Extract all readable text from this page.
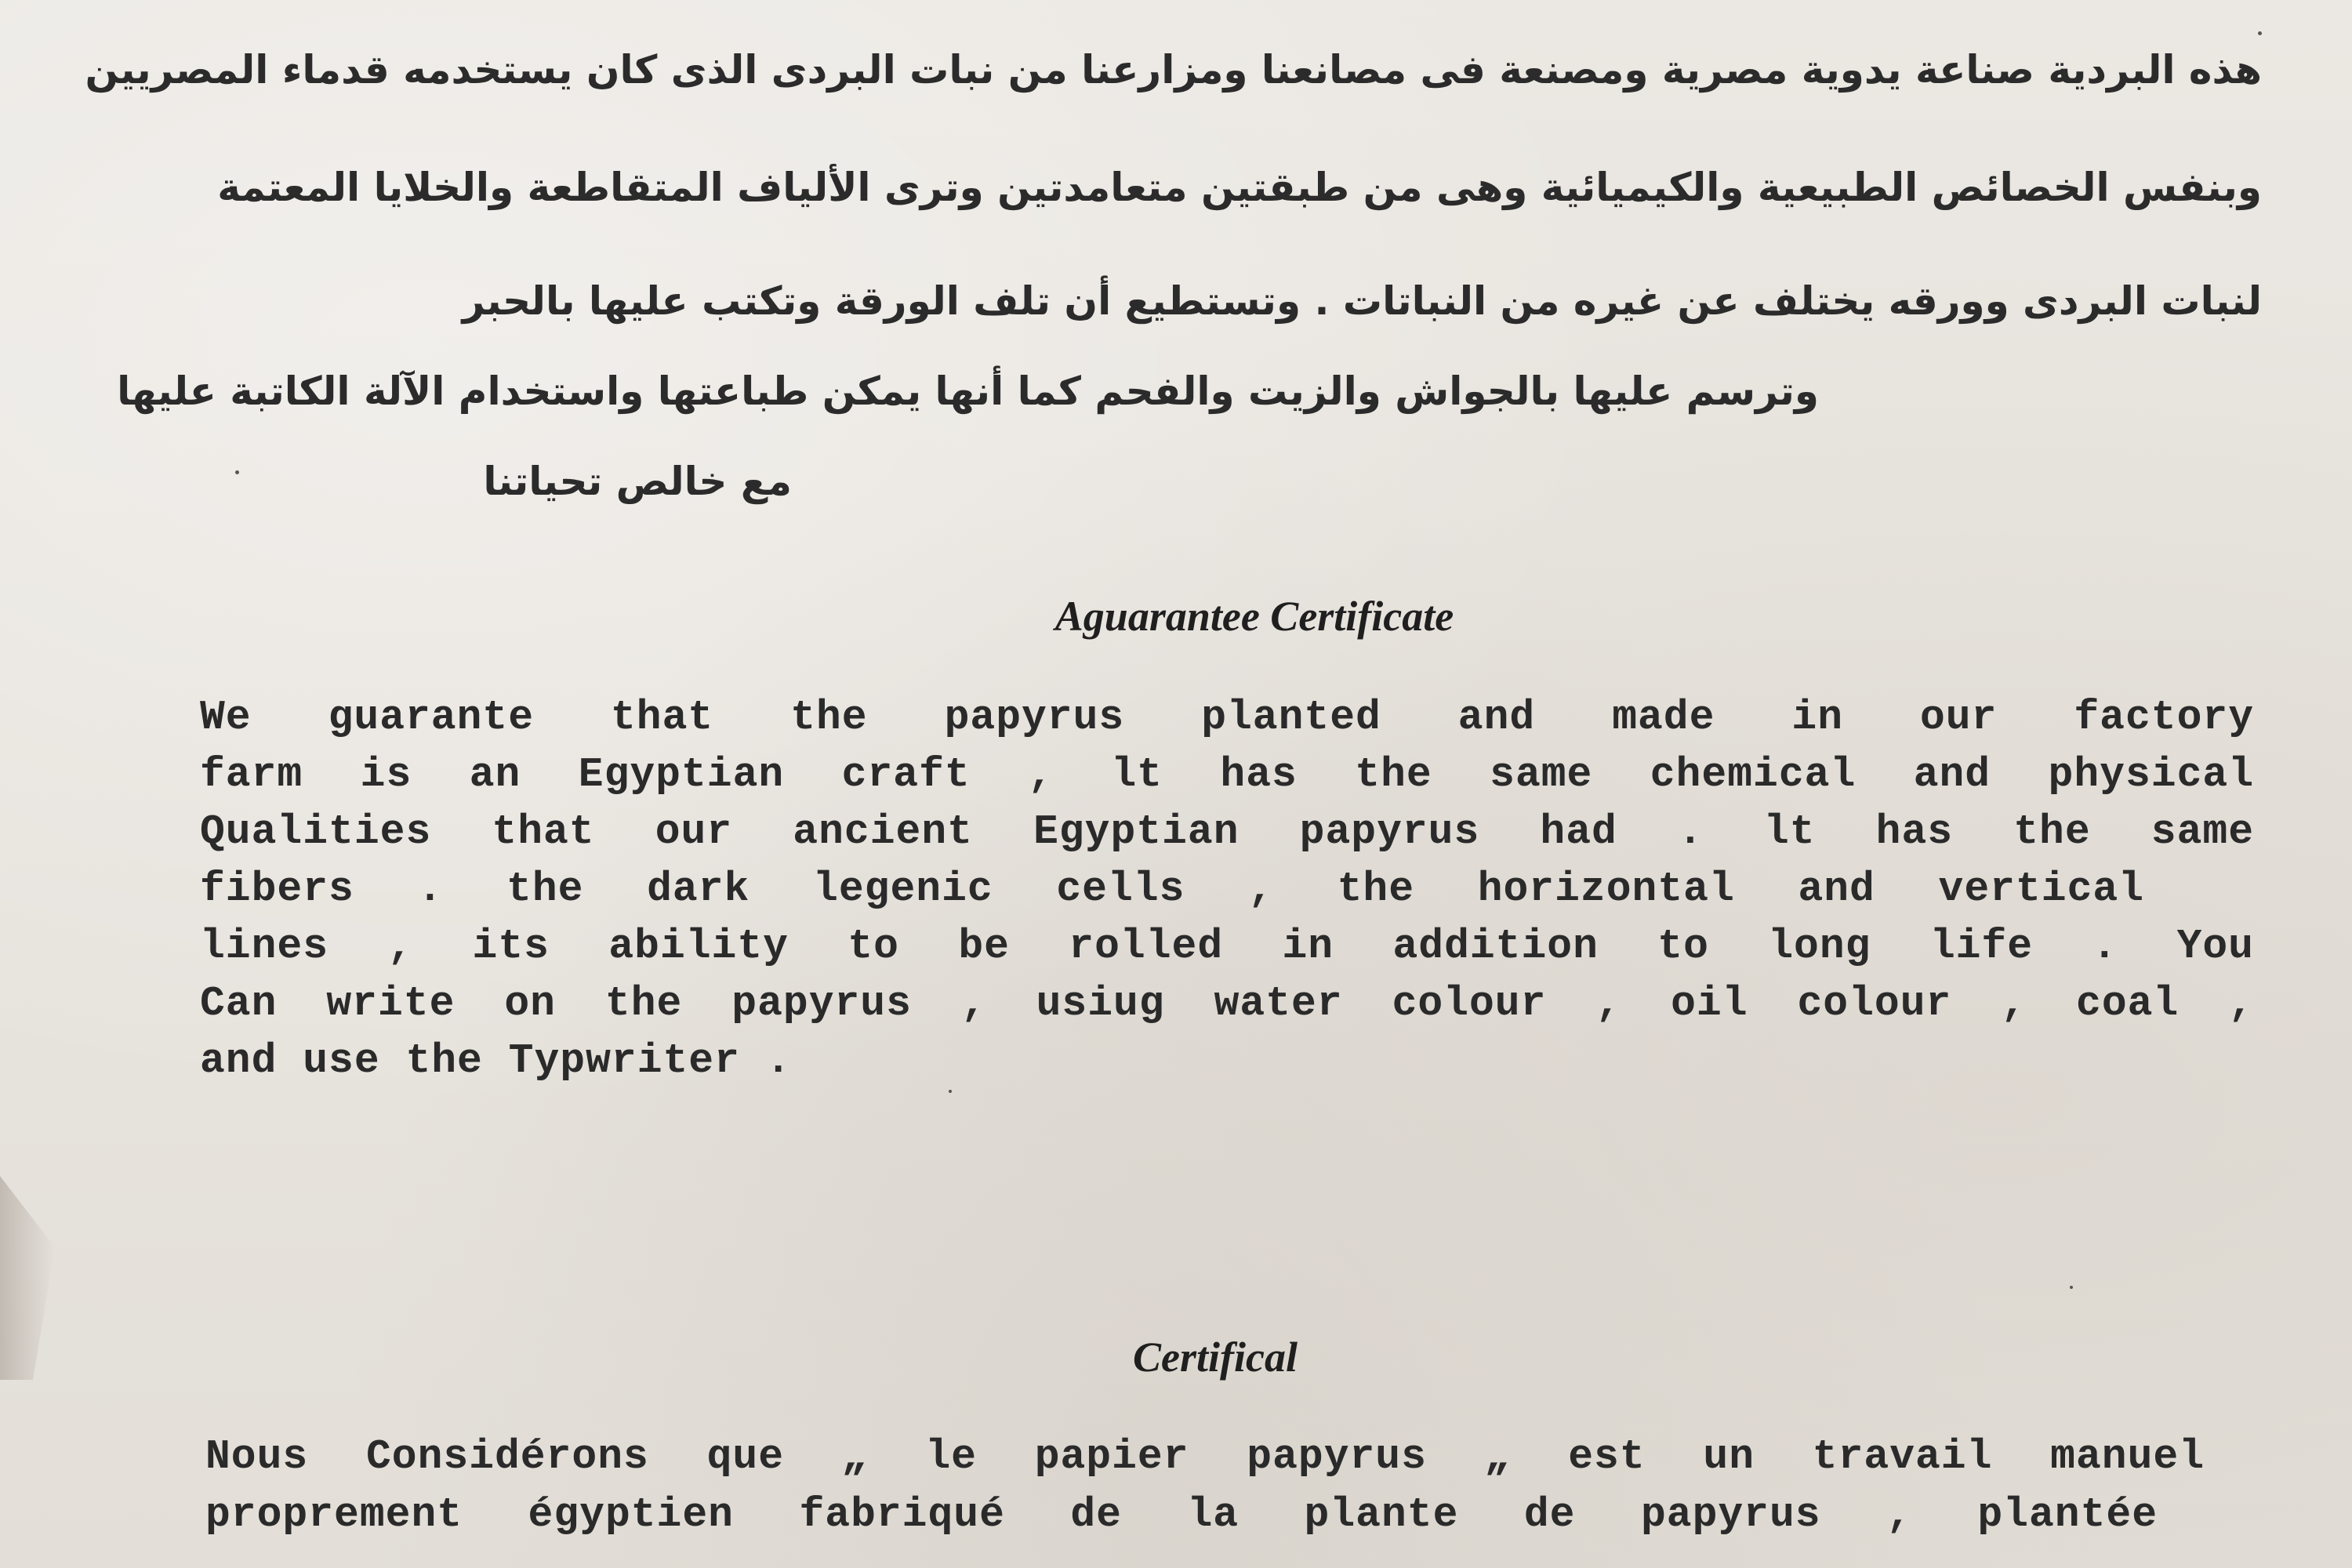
هذه البردية صناعة يدوية مصرية ومصنعة فى مصانعنا ومزارعنا من نبات البردى الذى كان يستخدمه قدماء المصريين
وبنفس الخصائص الطبيعية والكيميائية وهى من طبقتين متعامدتين وترى الألياف المتقاطعة والخلايا المعتمة
لنبات البردى وورقه يختلف عن غيره من النباتات . وتستطيع أن تلف الورقة وتكتب عليها بالحبر
وترسم عليها بالجواش والزيت والفحم كما أنها يمكن طباعتها واستخدام الآلة الكاتبة عليها
مع خالص تحياتنا
Aguarantee Certificate
We guarante that the papyrus planted and made in our factory
farm is an Egyptian craft , lt has the same chemical and physical
Qualities that our ancient Egyptian papyrus had . lt has the same
fibers . the dark legenic cells , the horizontal and vertical
lines , its ability to be rolled in addition to long life . You
Can write on the papyrus , usiug water colour , oil colour , coal ,
and use the Typwriter .
Certifical
Nous Considérons que „ le papier papyrus „ est un travail manuel
proprement égyptien fabriqué de la plante de papyrus , plantée
